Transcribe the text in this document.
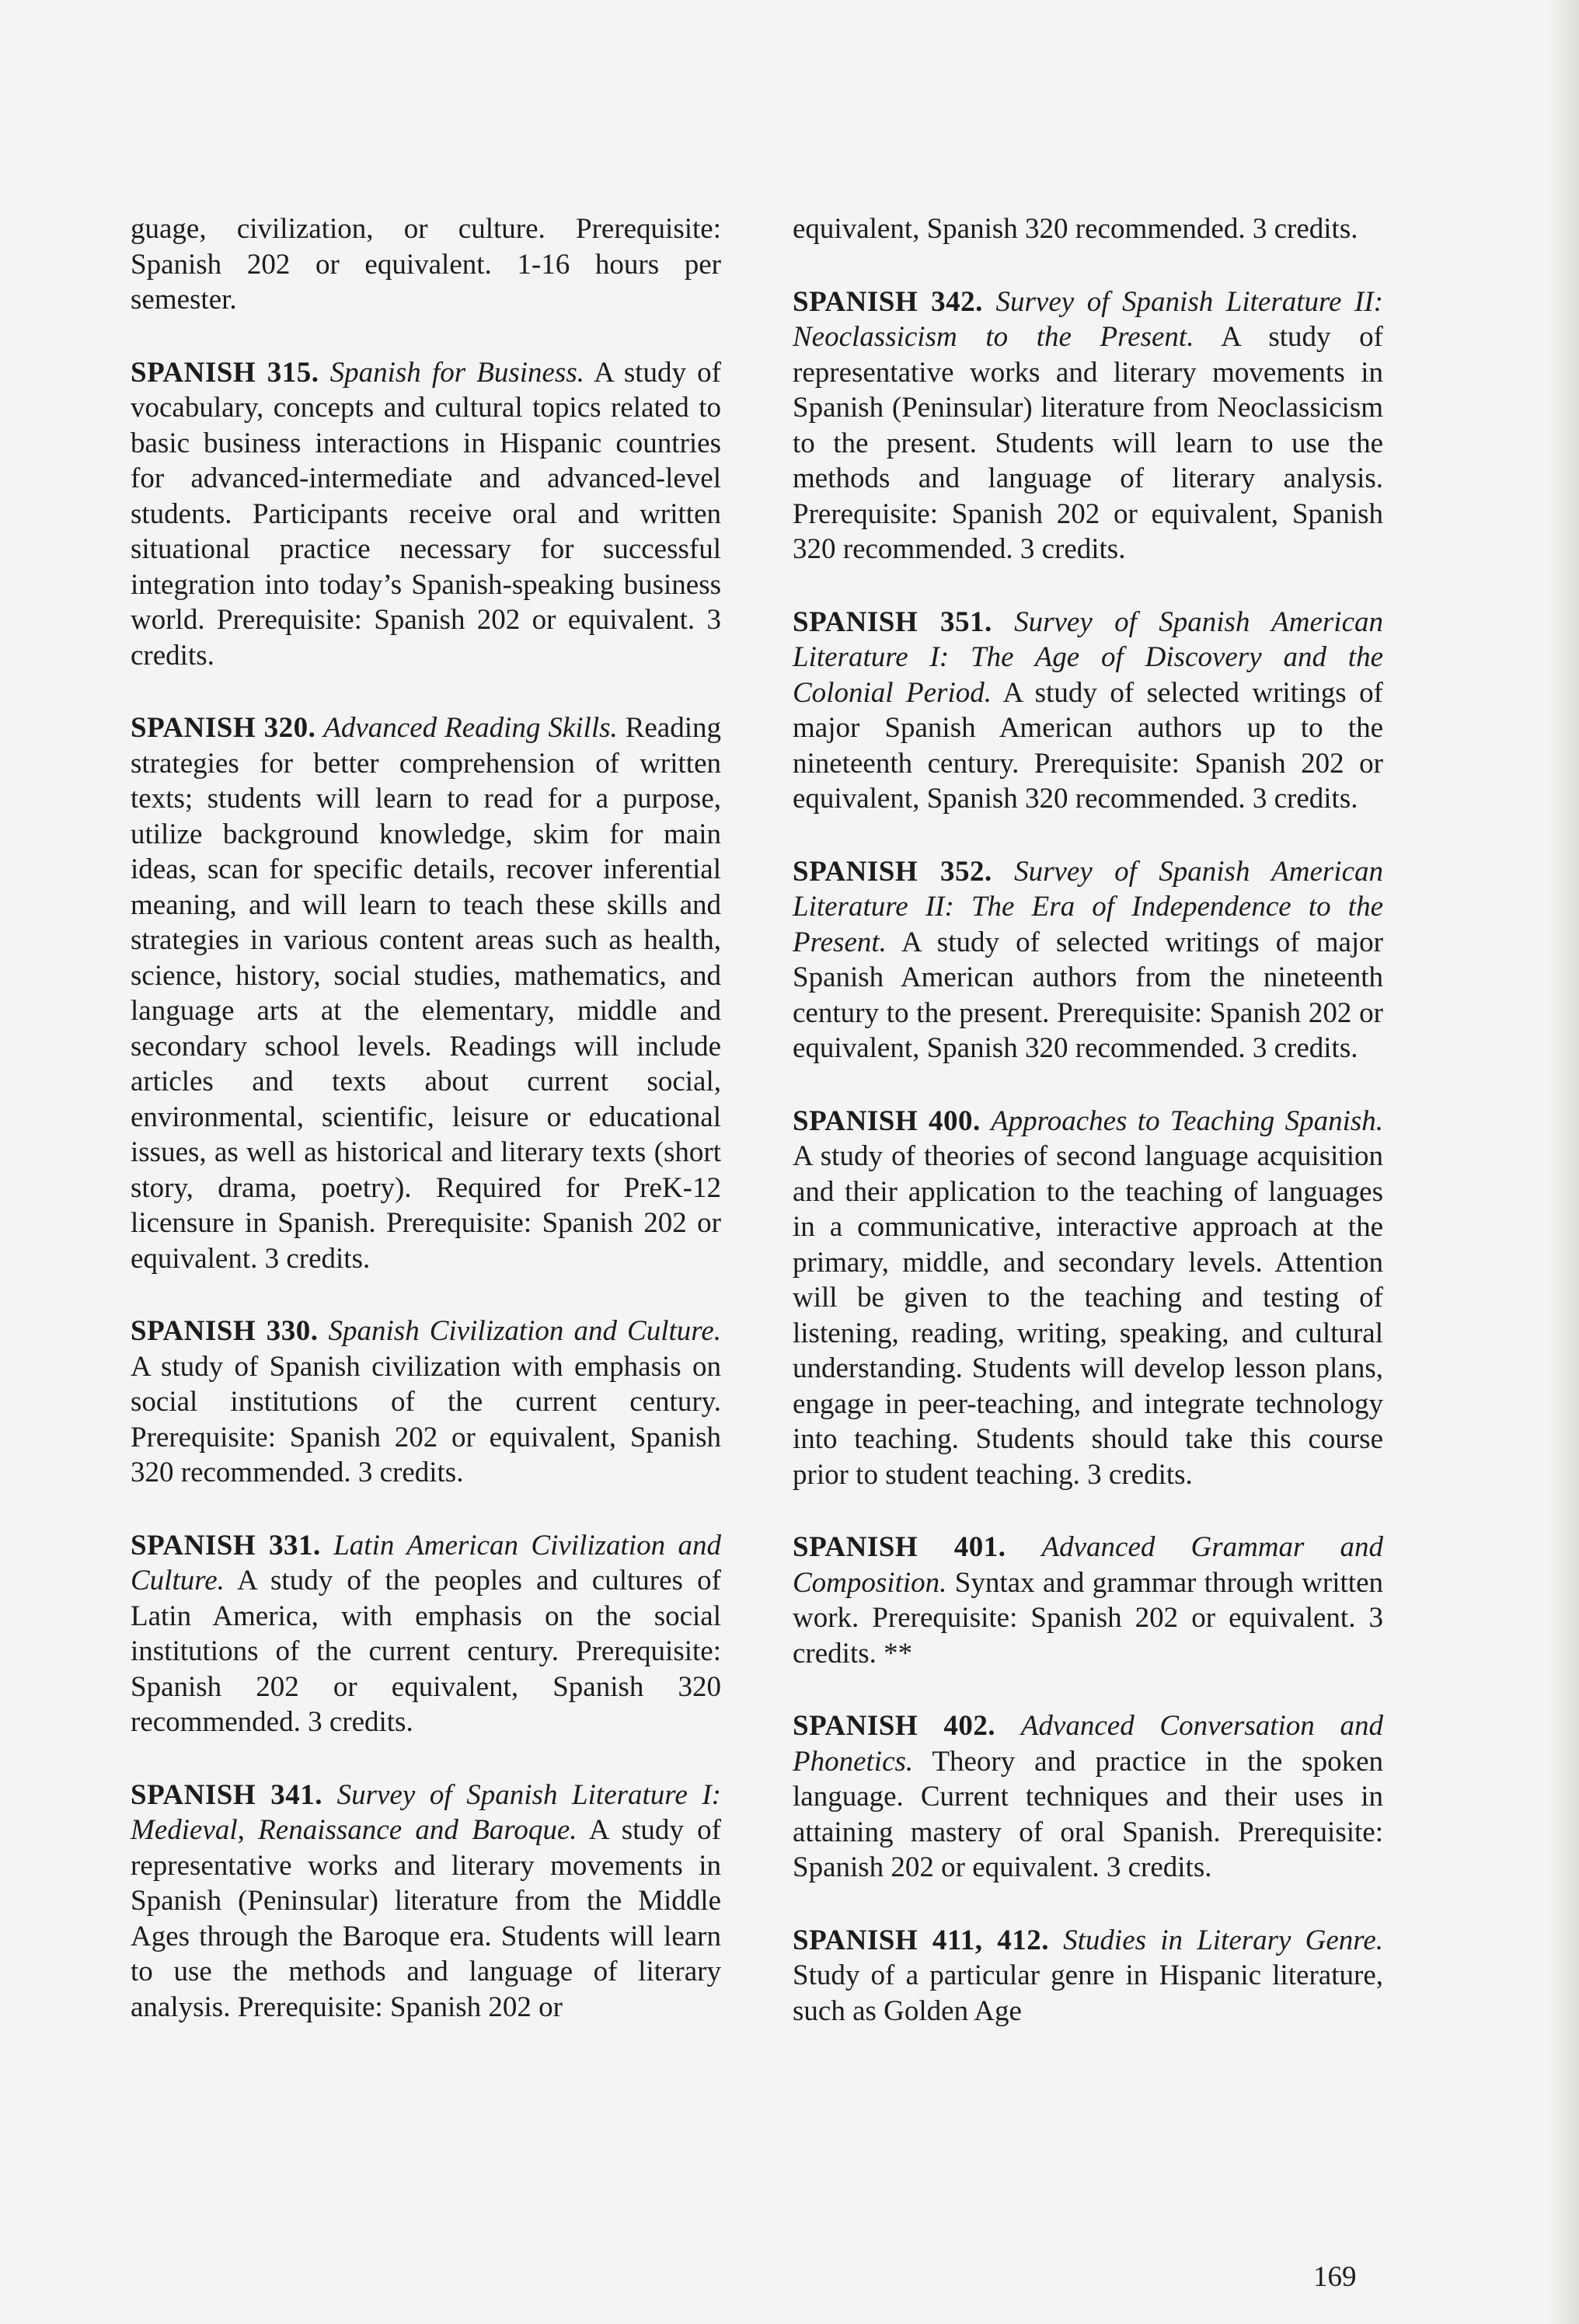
guage, civilization, or culture. Prerequisite: Spanish 202 or equivalent. 1-16 hours per semester.

SPANISH 315. Spanish for Business. A study of vocabulary, concepts and cultural topics related to basic business interactions in Hispanic countries for advanced-intermediate and advanced-level students. Participants receive oral and written situational practice necessary for successful integration into today’s Spanish-speaking business world. Prerequisite: Spanish 202 or equivalent. 3 credits.

SPANISH 320. Advanced Reading Skills. Reading strategies for better comprehension of written texts; students will learn to read for a purpose, utilize background knowledge, skim for main ideas, scan for specific details, recover inferential meaning, and will learn to teach these skills and strategies in various content areas such as health, science, history, social studies, mathematics, and language arts at the elementary, middle and secondary school levels. Readings will include articles and texts about current social, environmental, scientific, leisure or educational issues, as well as historical and literary texts (short story, drama, poetry). Required for PreK-12 licensure in Spanish. Prerequisite: Spanish 202 or equivalent. 3 credits.

SPANISH 330. Spanish Civilization and Culture. A study of Spanish civilization with emphasis on social institutions of the current century. Prerequisite: Spanish 202 or equivalent, Spanish 320 recommended. 3 credits.

SPANISH 331. Latin American Civilization and Culture. A study of the peoples and cultures of Latin America, with emphasis on the social institutions of the current century. Prerequisite: Spanish 202 or equivalent, Spanish 320 recommended. 3 credits.

SPANISH 341. Survey of Spanish Literature I: Medieval, Renaissance and Baroque. A study of representative works and literary movements in Spanish (Peninsular) literature from the Middle Ages through the Baroque era. Students will learn to use the methods and language of literary analysis. Prerequisite: Spanish 202 or

equivalent, Spanish 320 recommended. 3 credits.

SPANISH 342. Survey of Spanish Literature II: Neoclassicism to the Present. A study of representative works and literary movements in Spanish (Peninsular) literature from Neoclassicism to the present. Students will learn to use the methods and language of literary analysis. Prerequisite: Spanish 202 or equivalent, Spanish 320 recommended. 3 credits.

SPANISH 351. Survey of Spanish American Literature I: The Age of Discovery and the Colonial Period. A study of selected writings of major Spanish American authors up to the nineteenth century. Prerequisite: Spanish 202 or equivalent, Spanish 320 recommended. 3 credits.

SPANISH 352. Survey of Spanish American Literature II: The Era of Independence to the Present. A study of selected writings of major Spanish American authors from the nineteenth century to the present. Prerequisite: Spanish 202 or equivalent, Spanish 320 recommended. 3 credits.

SPANISH 400. Approaches to Teaching Spanish. A study of theories of second language acquisition and their application to the teaching of languages in a communicative, interactive approach at the primary, middle, and secondary levels. Attention will be given to the teaching and testing of listening, reading, writing, speaking, and cultural understanding. Students will develop lesson plans, engage in peer-teaching, and integrate technology into teaching. Students should take this course prior to student teaching. 3 credits.

SPANISH 401. Advanced Grammar and Composition. Syntax and grammar through written work. Prerequisite: Spanish 202 or equivalent. 3 credits. **

SPANISH 402. Advanced Conversation and Phonetics. Theory and practice in the spoken language. Current techniques and their uses in attaining mastery of oral Spanish. Prerequisite: Spanish 202 or equivalent. 3 credits.

SPANISH 411, 412. Studies in Literary Genre. Study of a particular genre in Hispanic literature, such as Golden Age

169
